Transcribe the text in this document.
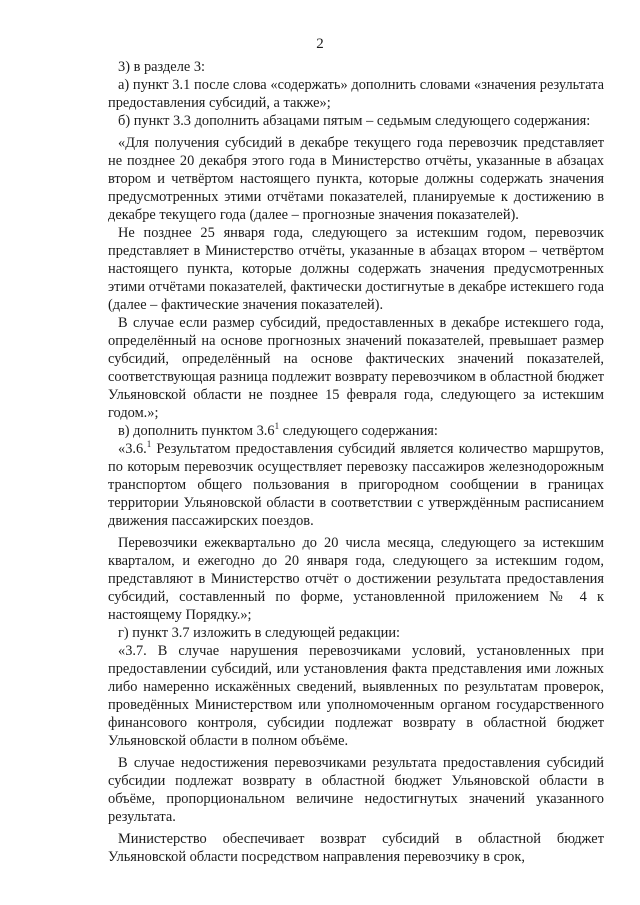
2

3) в разделе 3:

а) пункт 3.1 после слова «содержать» дополнить словами «значения результата предоставления субсидий, а также»;

б) пункт 3.3 дополнить абзацами пятым – седьмым следующего содержания:

«Для получения субсидий в декабре текущего года перевозчик представляет не позднее 20 декабря этого года в Министерство отчёты, указанные в абзацах втором и четвёртом настоящего пункта, которые должны содержать значения предусмотренных этими отчётами показателей, планируемые к достижению в декабре текущего года (далее – прогнозные значения показателей).

Не позднее 25 января года, следующего за истекшим годом, перевозчик представляет в Министерство отчёты, указанные в абзацах втором – четвёртом настоящего пункта, которые должны содержать значения предусмотренных этими отчётами показателей, фактически достигнутые в декабре истекшего года (далее – фактические значения показателей).

В случае если размер субсидий, предоставленных в декабре истекшего года, определённый на основе прогнозных значений показателей, превышает размер субсидий, определённый на основе фактических значений показателей, соответствующая разница подлежит возврату перевозчиком в областной бюджет Ульяновской области не позднее 15 февраля года, следующего за истекшим годом.»;

в) дополнить пунктом $3.6^1$ следующего содержания:

«3.6.$^1$ Результатом предоставления субсидий является количество маршрутов, по которым перевозчик осуществляет перевозку пассажиров железнодорожным транспортом общего пользования в пригородном сообщении в границах территории Ульяновской области в соответствии с утверждённым расписанием движения пассажирских поездов.

Перевозчики ежеквартально до 20 числа месяца, следующего за истекшим кварталом, и ежегодно до 20 января года, следующего за истекшим годом, представляют в Министерство отчёт о достижении результата предоставления субсидий, составленный по форме, установленной приложением № 4 к настоящему Порядку.»;

г) пункт 3.7 изложить в следующей редакции:

«3.7. В случае нарушения перевозчиками условий, установленных при предоставлении субсидий, или установления факта представления ими ложных либо намеренно искажённых сведений, выявленных по результатам проверок, проведённых Министерством или уполномоченным органом государственного финансового контроля, субсидии подлежат возврату в областной бюджет Ульяновской области в полном объёме.

В случае недостижения перевозчиками результата предоставления субсидий субсидии подлежат возврату в областной бюджет Ульяновской области в объёме, пропорциональном величине недостигнутых значений указанного результата.

Министерство обеспечивает возврат субсидий в областной бюджет Ульяновской области посредством направления перевозчику в срок,
